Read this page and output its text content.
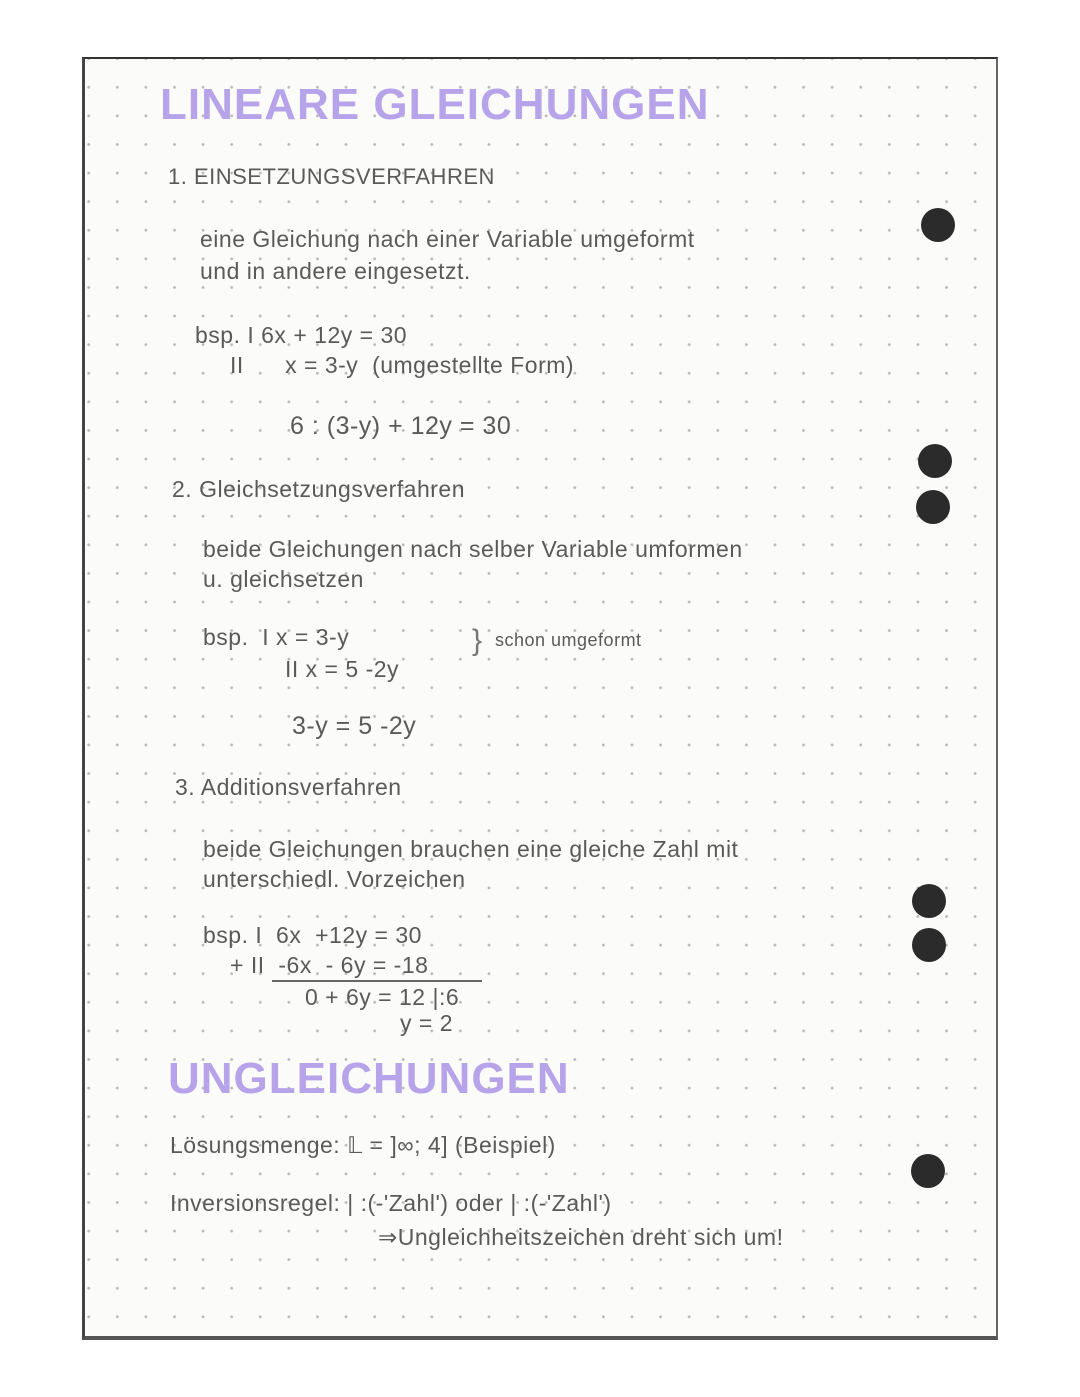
LINEARE GLEICHUNGEN
1. EINSETZUNGSVERFAHREN
eine Gleichung nach einer Variable umgeformt
und in andere eingesetzt.
bsp. I 6x + 12y = 30
II      x = 3-y  (umgestellte Form)
6 : (3-y) + 12y = 30
2. Gleichsetzungsverfahren
beide Gleichungen nach selber Variable umformen
u. gleichsetzen
bsp.  I x = 3-y
II x = 5 -2y
} schon umgeformt
3-y = 5 -2y
3. Additionsverfahren
beide Gleichungen brauchen eine gleiche Zahl mit
unterschiedl. Vorzeichen
bsp. I  6x  +12y = 30
+ II  -6x  - 6y = -18
0 + 6y = 12 |:6
y = 2
UNGLEICHUNGEN
Lösungsmenge: 𝕃 = ]∞; 4] (Beispiel)
Inversionsregel: | :(-'Zahl') oder | :(-'Zahl')
⇒Ungleichheitszeichen dreht sich um!
